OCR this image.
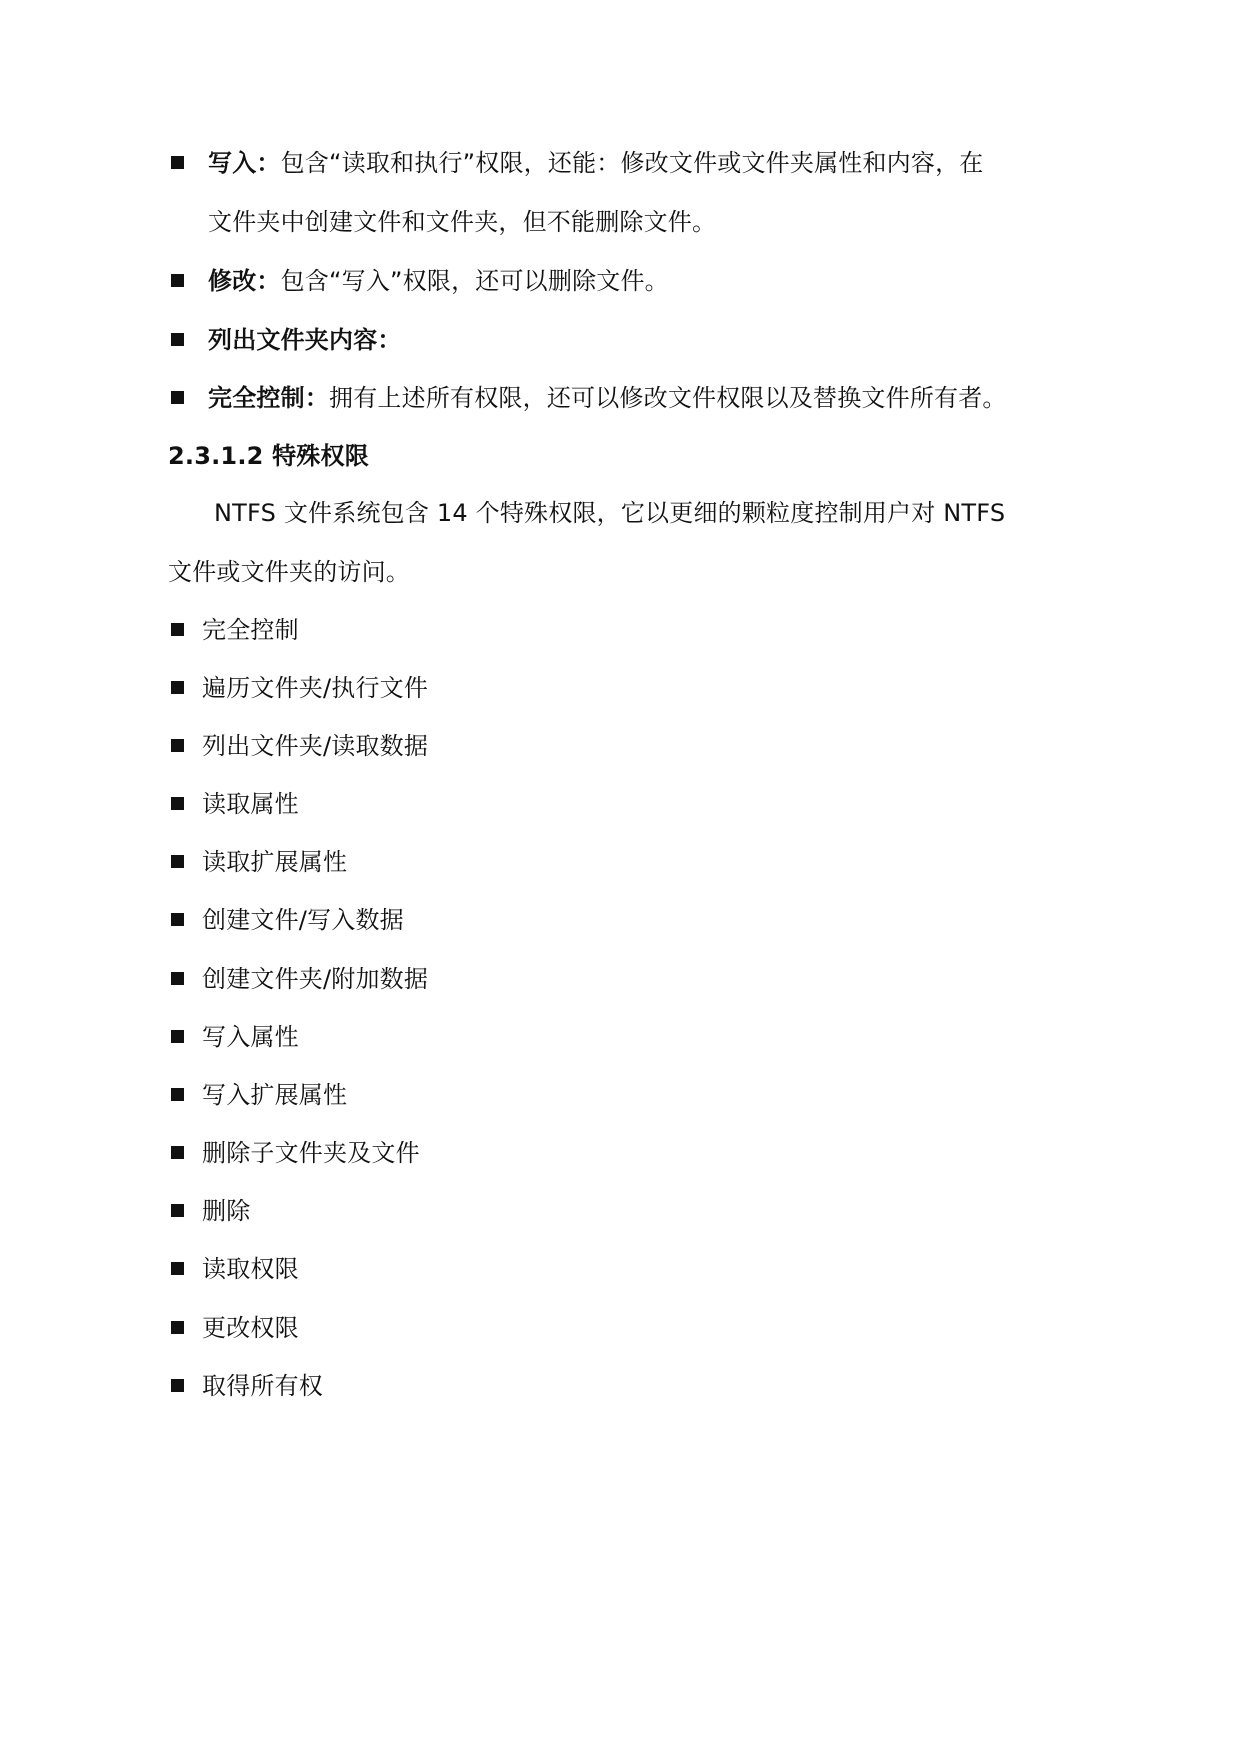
写入：包含“读取和执行”权限，还能：修改文件或文件夹属性和内容，在
文件夹中创建文件和文件夹，但不能删除文件。
修改：包含“写入”权限，还可以删除文件。
列出文件夹内容：
完全控制：拥有上述所有权限，还可以修改文件权限以及替换文件所有者。
2.3.1.2 特殊权限
NTFS 文件系统包含 14 个特殊权限，它以更细的颗粒度控制用户对 NTFS
文件或文件夹的访问。
完全控制
遍历文件夹/执行文件
列出文件夹/读取数据
读取属性
读取扩展属性
创建文件/写入数据
创建文件夹/附加数据
写入属性
写入扩展属性
删除子文件夹及文件
删除
读取权限
更改权限
取得所有权
